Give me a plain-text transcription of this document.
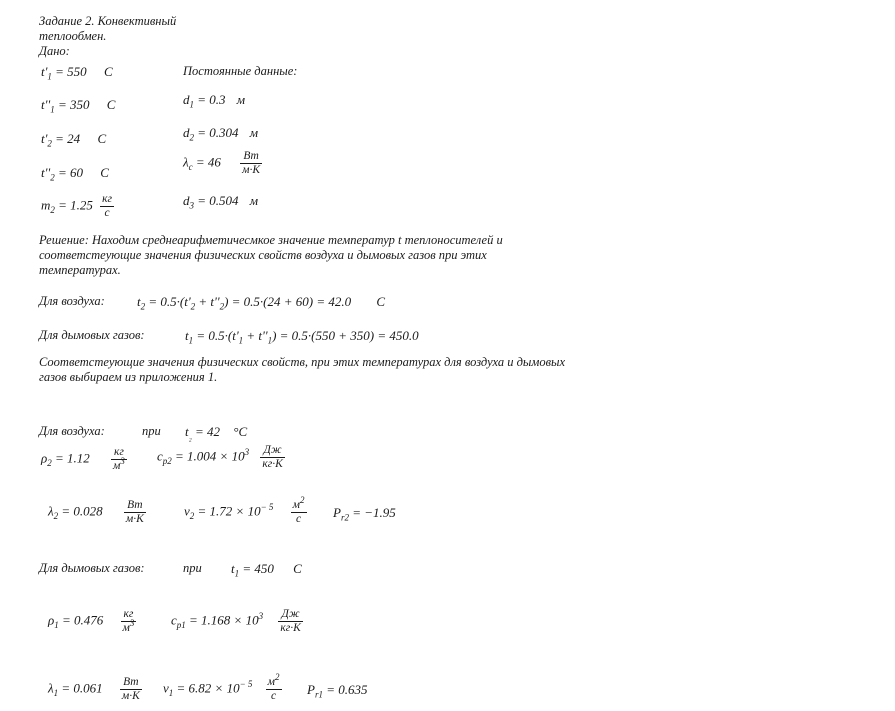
Задание 2. Конвективный
теплообмен.
Дано:
$t'_1 = 550$ C
$t''_1 = 350$ C
$t'_2 = 24$ C
$t''_2 = 60$ C
$m_2 = 1.25 \frac{кг}{с}$
Постоянные данные:
$d_1 = 0.3$ м
$d_2 = 0.304$ м
$\lambda_c = 46 \frac{Вт}{м\cdot К}$
$d_3 = 0.504$ м
Решение: Находим среднеарифметичесмкое значение температур t теплоносителей и соответстеующие значения физических свойств воздуха и дымовых газов при этих температурах.
Для воздуха: $t_2 = 0.5\cdot(t'_2 + t''_2) = 0.5\cdot(24 + 60) = 42.0$ C
Для дымовых газов:	$t_1 = 0.5\cdot(t'_1 + t''_1) = 0.5\cdot(550 + 350) = 450.0$
Соответстеующие значения физических свойств, при этих температурах для воздуха и дымовых газов выбираем из приложения 1.
Для воздуха:	при $t_{_2} = 42$ °C
$\rho_2 = 1.12 \frac{кг}{м^3} c_{p2} = 1.004 \times 10^3 \frac{Дж}{кг\cdot К}$
$\lambda_2 = 0.028 \frac{Вт}{м\cdot К}$	$\nu_2 = 1.72 \times 10^{- 5} \frac{м^2}{с} P_{r2} = -1.95$
Для дымовых газов:	при $t_1 = 450$ C
$\rho_1 = 0.476 \frac{кг}{м^3}$	$c_{p1} = 1.168 \times 10^3 \frac{Дж}{кг\cdot К}$
$\lambda_1 = 0.061 \frac{Вт}{м\cdot К} \nu_1 = 6.82 \times 10^{- 5} \frac{м^2}{с} P_{r1} = 0.635$
